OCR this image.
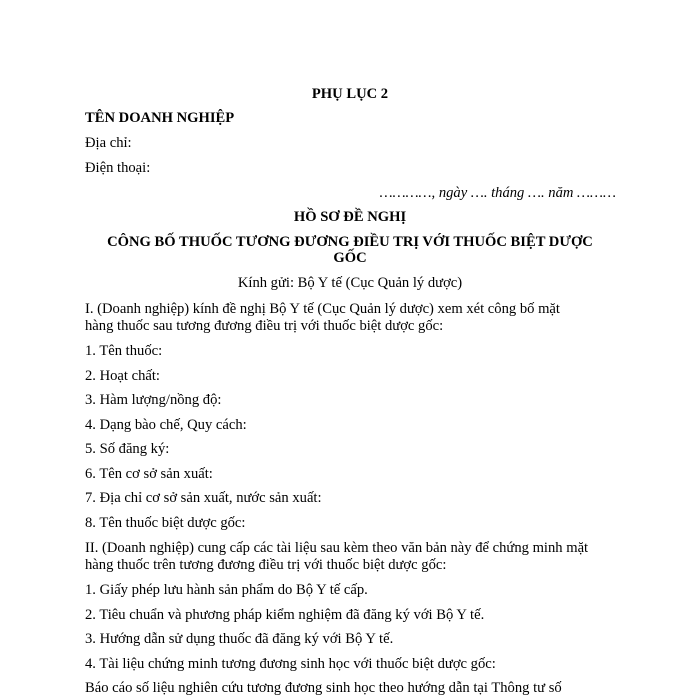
PHỤ LỤC 2
TÊN DOANH NGHIỆP
Địa chỉ:
Điện thoại:
…………, ngày …. tháng …. năm ………
HỒ SƠ ĐỀ NGHỊ
CÔNG BỐ THUỐC TƯƠNG ĐƯƠNG ĐIỀU TRỊ VỚI THUỐC BIỆT DƯỢC
GỐC
Kính gửi: Bộ Y tế (Cục Quản lý dược)
I. (Doanh nghiệp) kính đề nghị Bộ Y tế (Cục Quản lý dược) xem xét công bố mặt
hàng thuốc sau tương đương điều trị với thuốc biệt dược gốc:
1. Tên thuốc:
2. Hoạt chất:
3. Hàm lượng/nồng độ:
4. Dạng bào chế, Quy cách:
5. Số đăng ký:
6. Tên cơ sở sản xuất:
7. Địa chỉ cơ sở sản xuất, nước sản xuất:
8. Tên thuốc biệt dược gốc:
II. (Doanh nghiệp) cung cấp các tài liệu sau kèm theo văn bản này để chứng minh mặt
hàng thuốc trên tương đương điều trị với thuốc biệt dược gốc:
1. Giấy phép lưu hành sản phẩm do Bộ Y tế cấp.
2. Tiêu chuẩn và phương pháp kiểm nghiệm đã đăng ký với Bộ Y tế.
3. Hướng dẫn sử dụng thuốc đã đăng ký với Bộ Y tế.
4. Tài liệu chứng minh tương đương sinh học với thuốc biệt dược gốc:
Báo cáo số liệu nghiên cứu tương đương sinh học theo hướng dẫn tại Thông tư số
